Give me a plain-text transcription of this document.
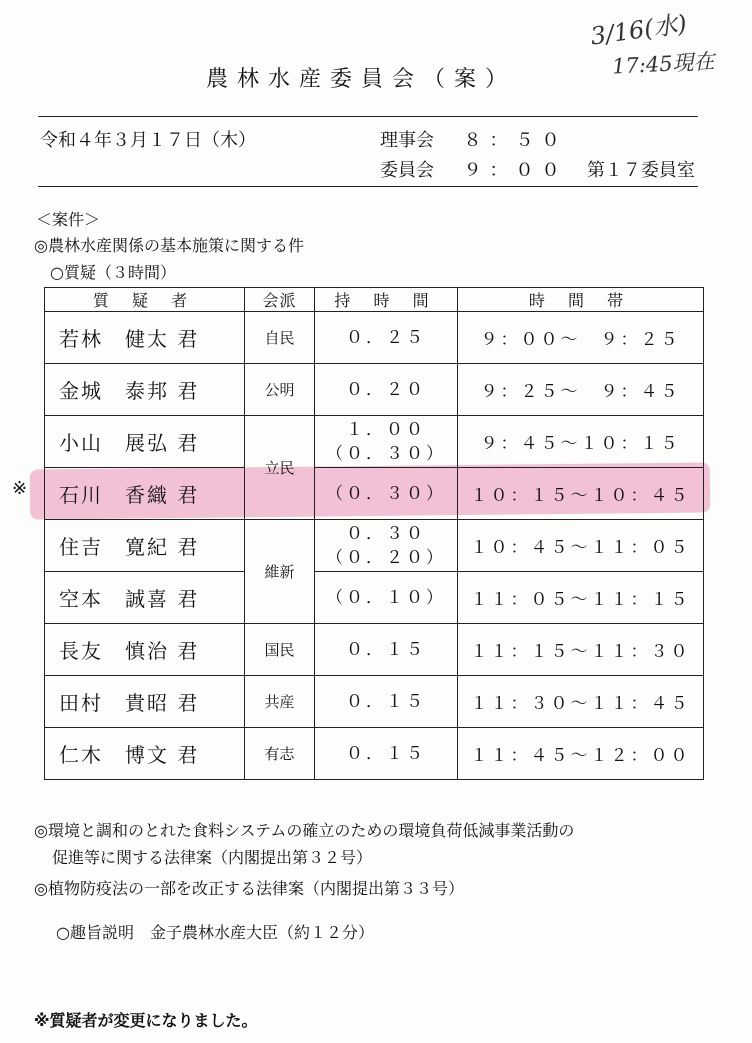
3/16(水)
17:45現在
農林水産委員会（案）
令和４年３月１７日（木）	理事会 ８：５０
委員会 ９：００ 第１７委員室
＜案件＞
◎農林水産関係の基本施策に関する件
○質疑（３時間）
質 疑 者	会派	持 時 間	時 間 帯
若林　健太 君	自民	０．２５	９：００～　９：２５
金城　泰邦 君	公明	０．２０	９：２５～　９：４５
小山　展弘 君	立民	１．００
（０．３０）	９：４５～１０：１５
石川　香織 君		（０．３０）	１０：１５～１０：４５
住吉　寛紀 君	維新	０．３０
（０．２０）	１０：４５～１１：０５
空本　誠喜 君		（０．１０）	１１：０５～１１：１５
長友　慎治 君	国民	０．１５	１１：１５～１１：３０
田村　貴昭 君	共産	０．１５	１１：３０～１１：４５
仁木　博文 君	有志	０．１５	１１：４５～１２：００
※
◎環境と調和のとれた食料システムの確立のための環境負荷低減事業活動の
促進等に関する法律案（内閣提出第３２号）
◎植物防疫法の一部を改正する法律案（内閣提出第３３号）
○趣旨説明　金子農林水産大臣（約１２分）
※質疑者が変更になりました。
